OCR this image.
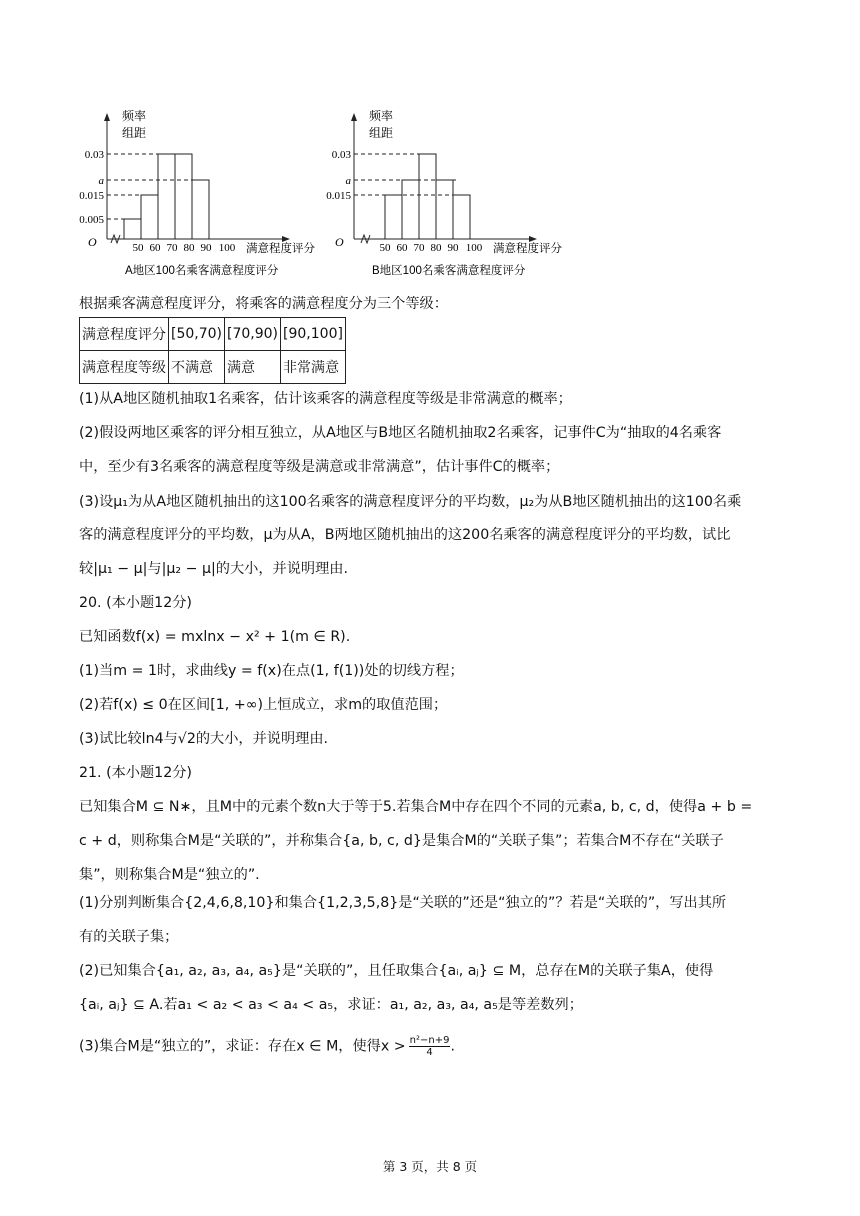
频率
组距
O
0.03
a
0.015
0.005
50 60 70 80 90 100 满意程度评分
A地区100名乘客满意程度评分
频率
组距
O
0.03
a
0.015
50 60 70 80 90 100 满意程度评分
B地区100名乘客满意程度评分
根据乘客满意程度评分，将乘客的满意程度分为三个等级：
满意程度评分	[50,70)	[70,90)	[90,100]
满意程度等级	不满意	满意	非常满意
(1)从A地区随机抽取1名乘客，估计该乘客的满意程度等级是非常满意的概率；
(2)假设两地区乘客的评分相互独立，从A地区与B地区名随机抽取2名乘客，记事件C为“抽取的4名乘客
中，至少有3名乘客的满意程度等级是满意或非常满意”，估计事件C的概率；
(3)设μ₁为从A地区随机抽出的这100名乘客的满意程度评分的平均数，μ₂为从B地区随机抽出的这100名乘
客的满意程度评分的平均数，μ为从A，B两地区随机抽出的这200名乘客的满意程度评分的平均数，试比
较|μ₁ − μ|与|μ₂ − μ|的大小，并说明理由.
20. (本小题12分)
已知函数f(x) = mxlnx − x² + 1(m ∈ R).
(1)当m = 1时，求曲线y = f(x)在点(1, f(1))处的切线方程；
(2)若f(x) ≤ 0在区间[1, +∞)上恒成立，求m的取值范围；
(3)试比较ln4与√2的大小，并说明理由.
21. (本小题12分)
已知集合M ⊆ N∗，且M中的元素个数n大于等于5.若集合M中存在四个不同的元素a, b, c, d，使得a + b =
c + d，则称集合M是“关联的”，并称集合{a, b, c, d}是集合M的“关联子集”；若集合M不存在“关联子
集”，则称集合M是“独立的”.
(1)分别判断集合{2,4,6,8,10}和集合{1,2,3,5,8}是“关联的”还是“独立的”？若是“关联的”，写出其所
有的关联子集；
(2)已知集合{a₁, a₂, a₃, a₄, a₅}是“关联的”，且任取集合{aᵢ, aⱼ} ⊆ M，总存在M的关联子集A，使得
{aᵢ, aⱼ} ⊆ A.若a₁ < a₂ < a₃ < a₄ < a₅，求证：a₁, a₂, a₃, a₄, a₅是等差数列；
(3)集合M是“独立的”，求证：存在x ∈ M，使得$x > \frac{\text{n²−n+9}}{4}$ .
第 3 页，共 8 页
